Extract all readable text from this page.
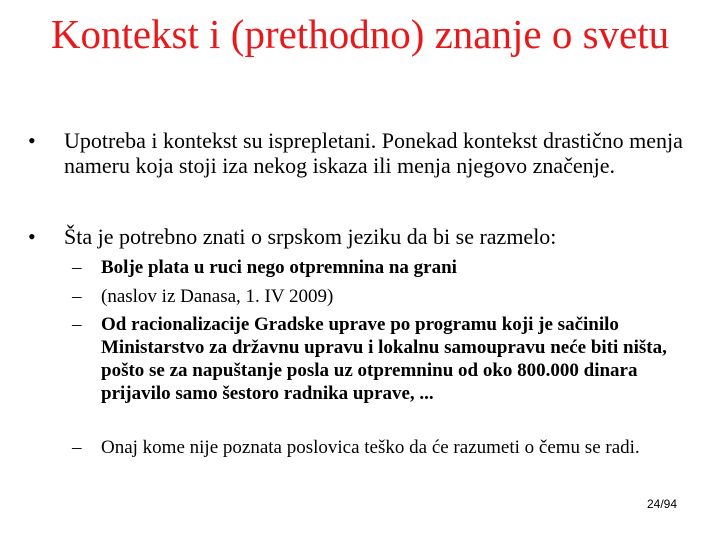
Kontekst i (prethodno) znanje o svetu
•	Upotreba i kontekst su isprepletani. Ponekad kontekst drastično menja nameru koja stoji iza nekog iskaza ili menja njegovo značenje.
•	Šta je potrebno znati o srpskom jeziku da bi se razmelo:
– Bolje plata u ruci nego otpremnina na grani
– (naslov iz Danasa, 1. IV 2009)
– Od racionalizacije Gradske uprave po programu koji je sačinilo Ministarstvo za državnu upravu i lokalnu samoupravu neće biti ništa, pošto se za napuštanje posla uz otpremninu od oko 800.000 dinara prijavilo samo šestoro radnika uprave, ...
– Onaj kome nije poznata poslovica teško da će razumeti o čemu se radi.
24/94
